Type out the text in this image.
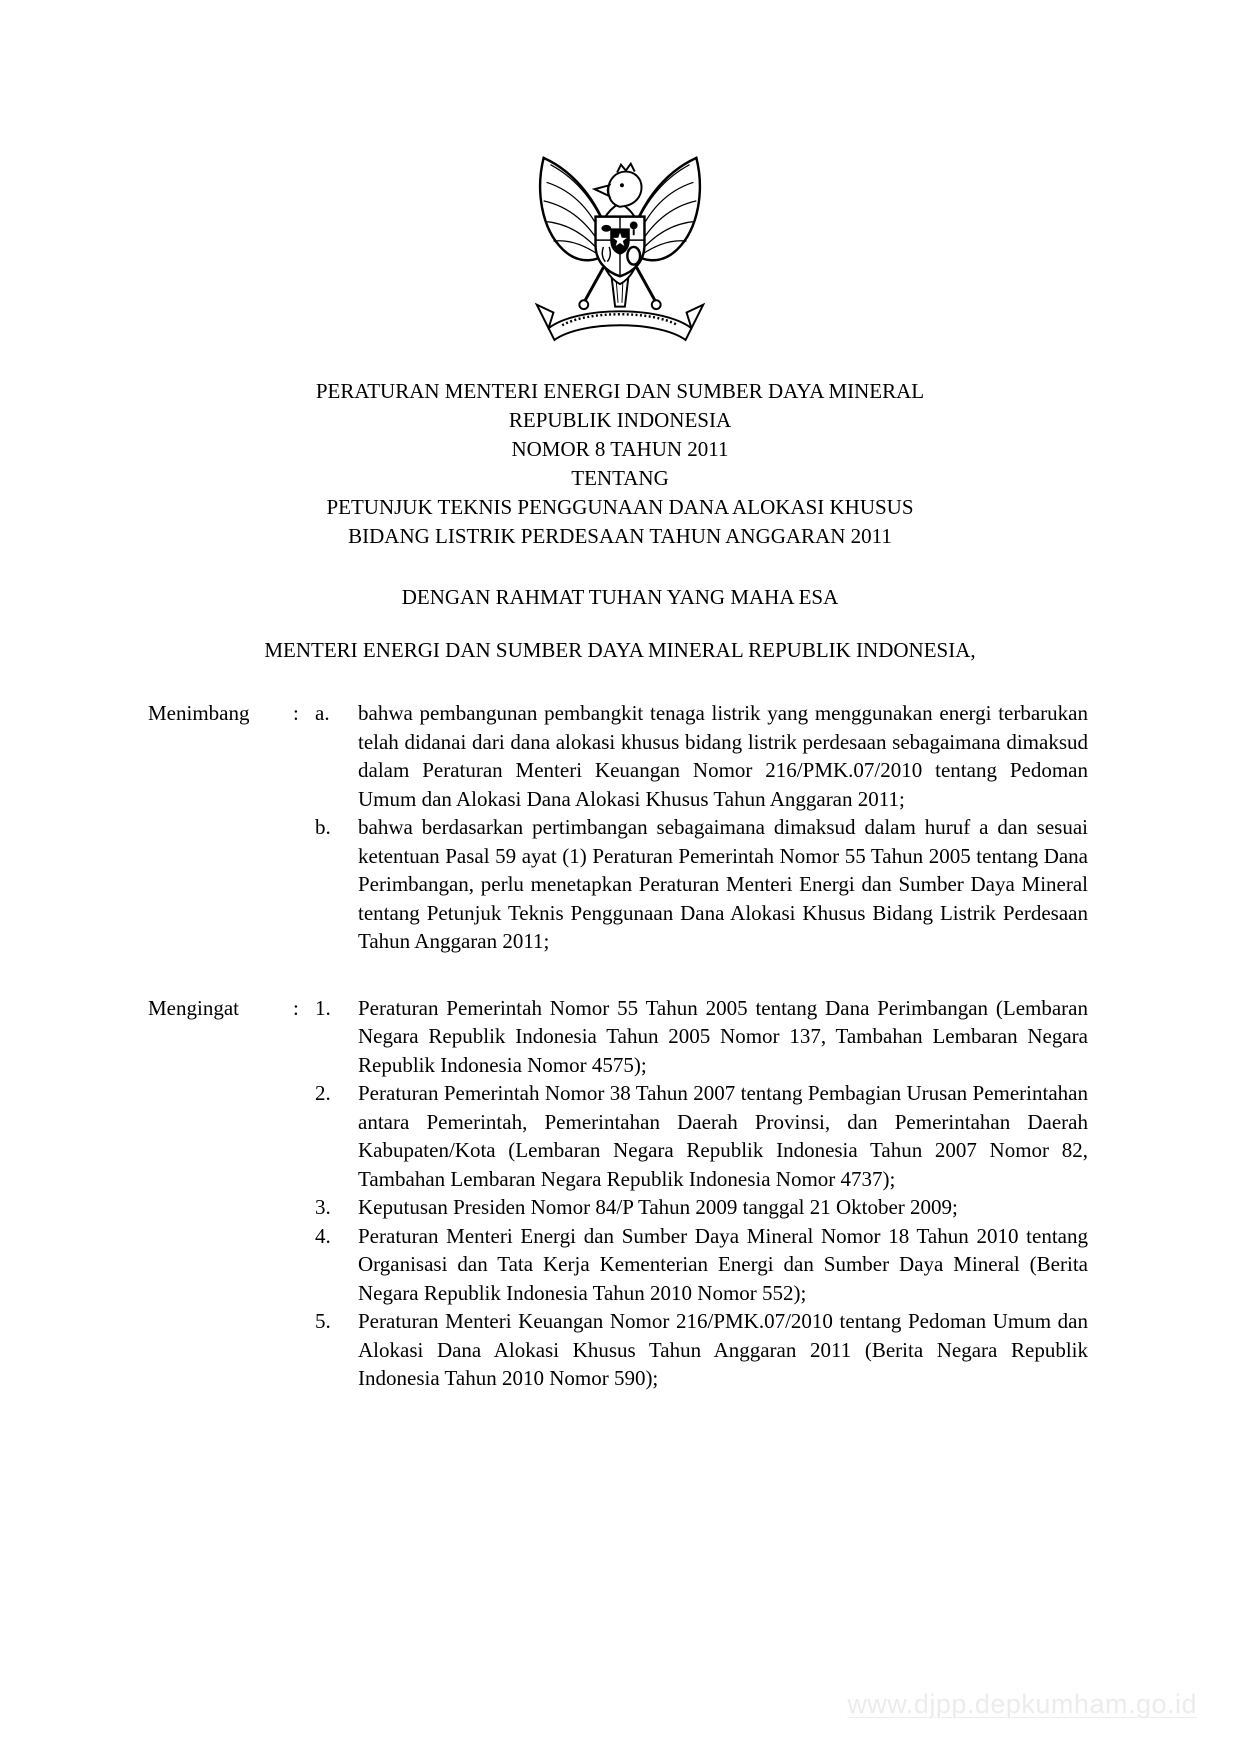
PERATURAN MENTERI ENERGI DAN SUMBER DAYA MINERAL
REPUBLIK INDONESIA
NOMOR 8 TAHUN 2011
TENTANG
PETUNJUK TEKNIS PENGGUNAAN DANA ALOKASI KHUSUS
BIDANG LISTRIK PERDESAAN TAHUN ANGGARAN 2011
DENGAN RAHMAT TUHAN YANG MAHA ESA
MENTERI ENERGI DAN SUMBER DAYA MINERAL REPUBLIK INDONESIA,
Menimbang	: a.	bahwa pembangunan pembangkit tenaga listrik yang menggunakan energi terbarukan telah didanai dari dana alokasi khusus bidang listrik perdesaan sebagaimana dimaksud dalam Peraturan Menteri Keuangan Nomor 216/PMK.07/2010 tentang Pedoman Umum dan Alokasi Dana Alokasi Khusus Tahun Anggaran 2011;
b.	bahwa berdasarkan pertimbangan sebagaimana dimaksud dalam huruf a dan sesuai ketentuan Pasal 59 ayat (1) Peraturan Pemerintah Nomor 55 Tahun 2005 tentang Dana Perimbangan, perlu menetapkan Peraturan Menteri Energi dan Sumber Daya Mineral tentang Petunjuk Teknis Penggunaan Dana Alokasi Khusus Bidang Listrik Perdesaan Tahun Anggaran 2011;
Mengingat	: 1.	Peraturan Pemerintah Nomor 55 Tahun 2005 tentang Dana Perimbangan (Lembaran Negara Republik Indonesia Tahun 2005 Nomor 137, Tambahan Lembaran Negara Republik Indonesia Nomor 4575);
2.	Peraturan Pemerintah Nomor 38 Tahun 2007 tentang Pembagian Urusan Pemerintahan antara Pemerintah, Pemerintahan Daerah Provinsi, dan Pemerintahan Daerah Kabupaten/Kota (Lembaran Negara Republik Indonesia Tahun 2007 Nomor 82, Tambahan Lembaran Negara Republik Indonesia Nomor 4737);
3.	Keputusan Presiden Nomor 84/P Tahun 2009 tanggal 21 Oktober 2009;
4.	Peraturan Menteri Energi dan Sumber Daya Mineral Nomor 18 Tahun 2010 tentang Organisasi dan Tata Kerja Kementerian Energi dan Sumber Daya Mineral (Berita Negara Republik Indonesia Tahun 2010 Nomor 552);
5.	Peraturan Menteri Keuangan Nomor 216/PMK.07/2010 tentang Pedoman Umum dan Alokasi Dana Alokasi Khusus Tahun Anggaran 2011 (Berita Negara Republik Indonesia Tahun 2010 Nomor 590);
www.djpp.depkumham.go.id
